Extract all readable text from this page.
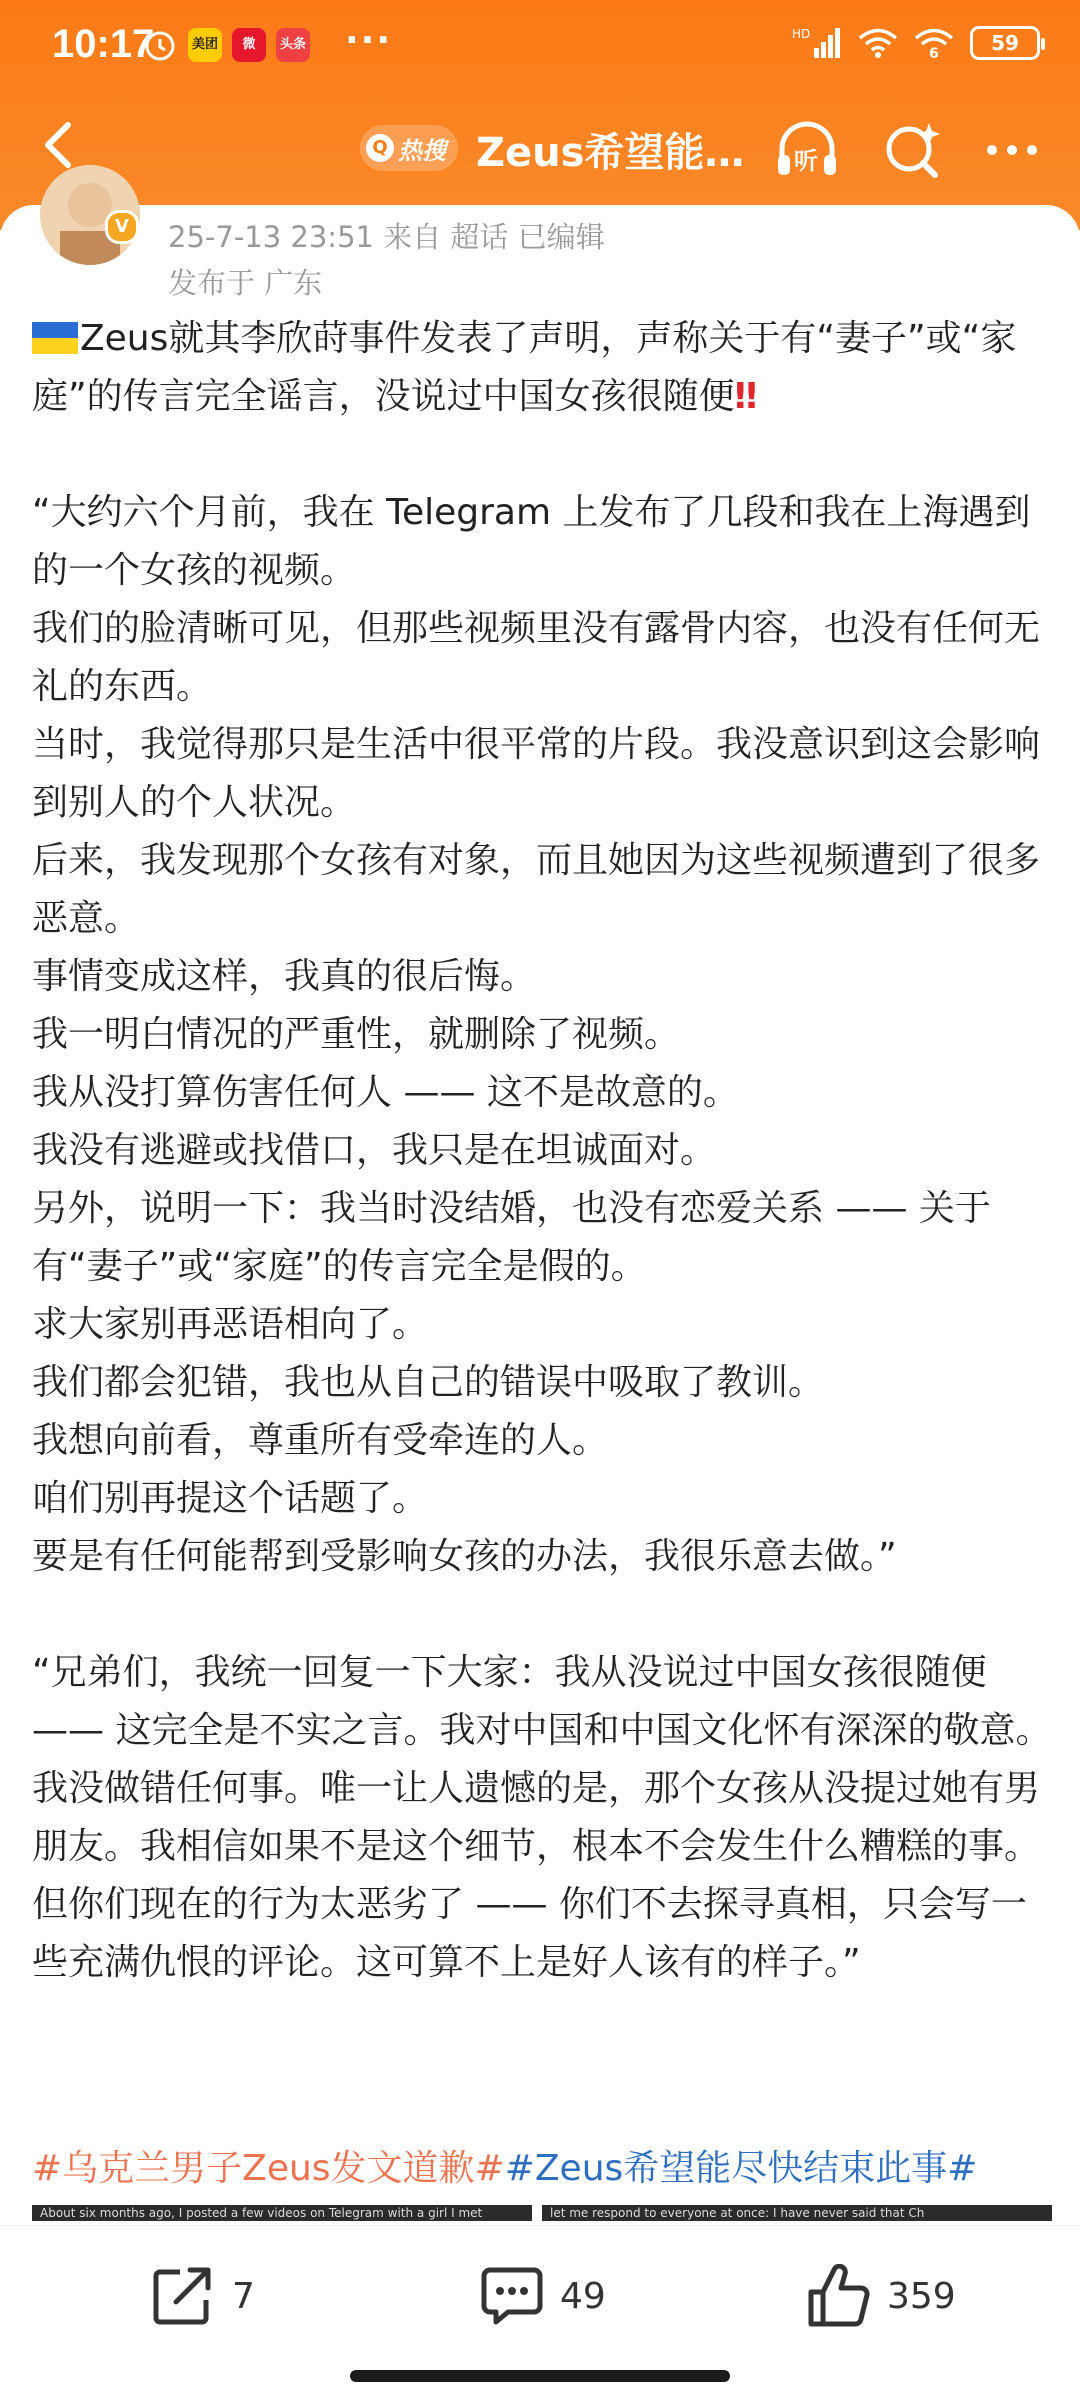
10:17	美团	微	头条 ···	HD
6	59
Q 热搜 Zeus希望能… 听
V	25-7-13 23:51 来自 超话 已编辑
发布于 广东

Zeus就其李欣莳事件发表了声明，声称关于有“妻子”或“家庭”的传言完全谣言，没说过中国女孩很随便‼

“大约六个月前，我在 Telegram 上发布了几段和我在上海遇到的一个女孩的视频。

我们的脸清晰可见，但那些视频里没有露骨内容，也没有任何无礼的东西。

当时，我觉得那只是生活中很平常的片段。我没意识到这会影响到别人的个人状况。

后来，我发现那个女孩有对象，而且她因为这些视频遭到了很多恶意。

事情变成这样，我真的很后悔。

我一明白情况的严重性，就删除了视频。

我从没打算伤害任何人 —— 这不是故意的。

我没有逃避或找借口，我只是在坦诚面对。

另外，说明一下：我当时没结婚，也没有恋爱关系 —— 关于有“妻子”或“家庭”的传言完全是假的。

求大家别再恶语相向了。

我们都会犯错，我也从自己的错误中吸取了教训。

我想向前看，尊重所有受牵连的人。

咱们别再提这个话题了。

要是有任何能帮到受影响女孩的办法，我很乐意去做。”

“兄弟们，我统一回复一下大家：我从没说过中国女孩很随便 —— 这完全是不实之言。我对中国和中国文化怀有深深的敬意。我没做错任何事。唯一让人遗憾的是，那个女孩从没提过她有男朋友。我相信如果不是这个细节，根本不会发生什么糟糕的事。

但你们现在的行为太恶劣了 —— 你们不去探寻真相，只会写一些充满仇恨的评论。这可算不上是好人该有的样子。”

#乌克兰男子Zeus发文道歉##Zeus希望能尽快结束此事#
About six months ago, I posted a few videos on Telegram with a girl I met	let me respond to everyone at once: I have never said that Ch
7	49	359
